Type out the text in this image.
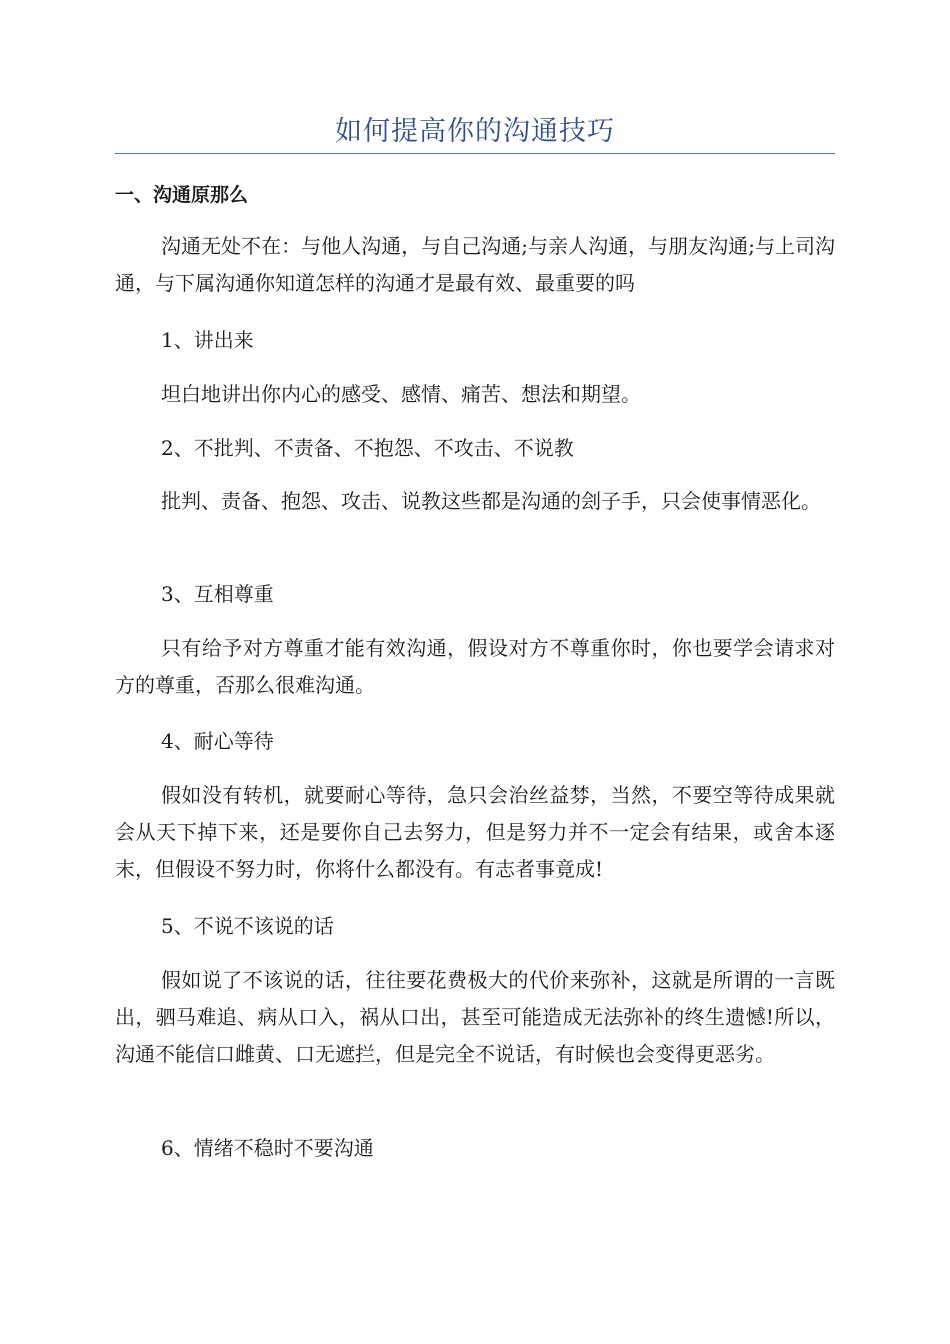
如何提高你的沟通技巧
一、沟通原那么

沟通无处不在：与他人沟通，与自己沟通;与亲人沟通，与朋友沟通;与上司沟通，与下属沟通你知道怎样的沟通才是最有效、最重要的吗

1、讲出来

坦白地讲出你内心的感受、感情、痛苦、想法和期望。

2、不批判、不责备、不抱怨、不攻击、不说教

批判、责备、抱怨、攻击、说教这些都是沟通的刽子手，只会使事情恶化。

3、互相尊重

只有给予对方尊重才能有效沟通，假设对方不尊重你时，你也要学会请求对方的尊重，否那么很难沟通。

4、耐心等待

假如没有转机，就要耐心等待，急只会治丝益棼，当然，不要空等待成果就会从天下掉下来，还是要你自己去努力，但是努力并不一定会有结果，或舍本逐末，但假设不努力时，你将什么都没有。有志者事竟成!

5、不说不该说的话

假如说了不该说的话，往往要花费极大的代价来弥补，这就是所谓的一言既出，驷马难追、病从口入，祸从口出，甚至可能造成无法弥补的终生遗憾!所以，沟通不能信口雌黄、口无遮拦，但是完全不说话，有时候也会变得更恶劣。

6、情绪不稳时不要沟通
